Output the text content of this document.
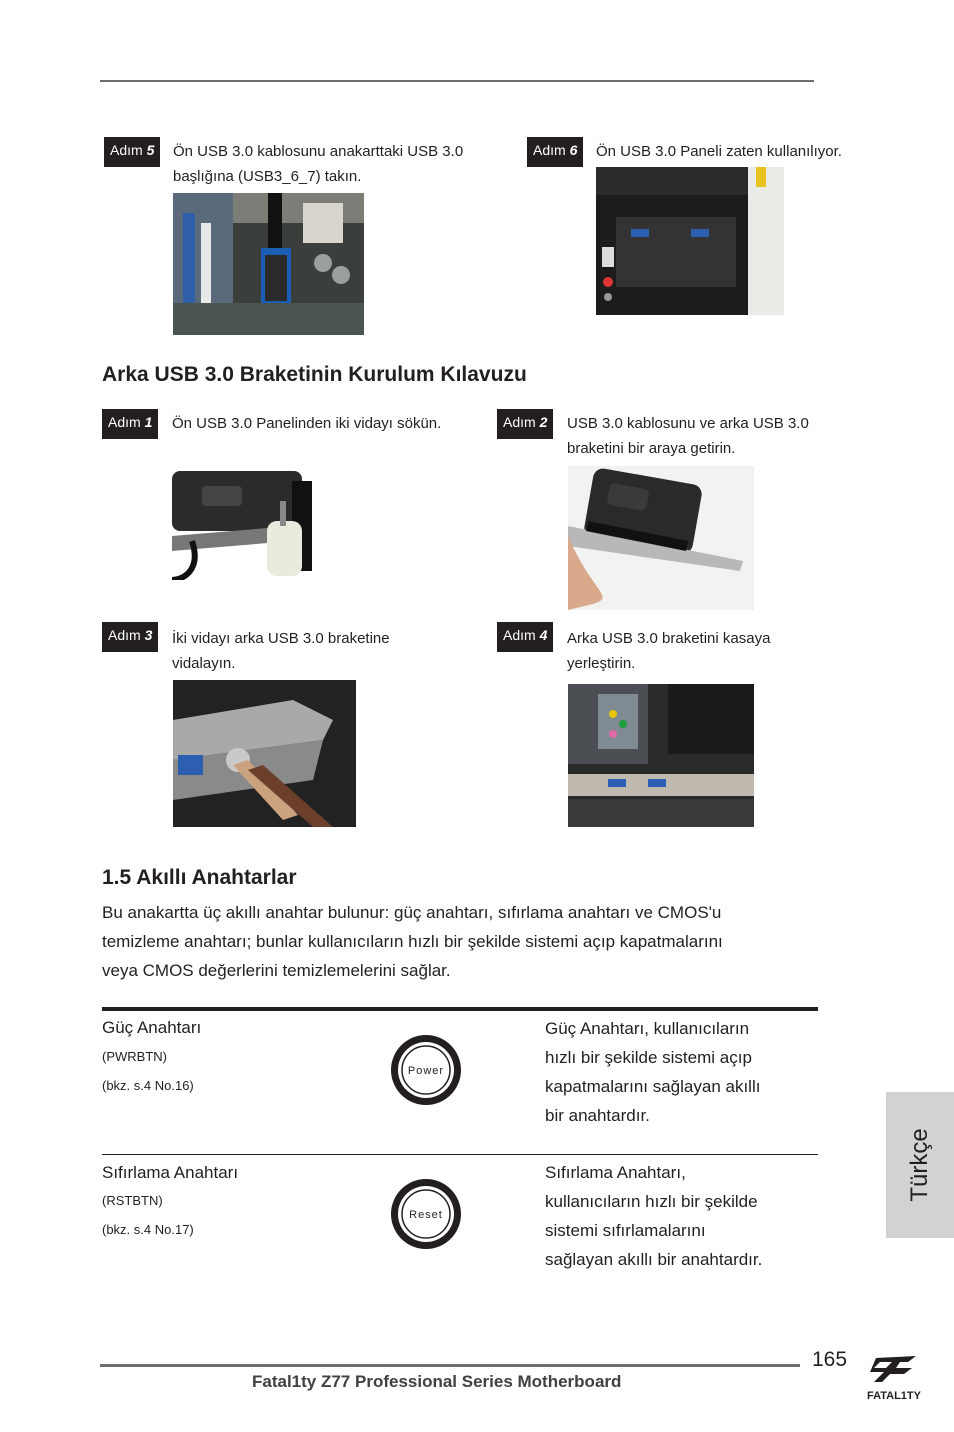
Adım 5	Ön USB 3.0 kablosunu anakarttaki USB 3.0 başlığına (USB3_6_7) takın.
Adım 6	Ön USB 3.0 Paneli zaten kullanılıyor.
Arka USB 3.0 Braketinin Kurulum Kılavuzu
Adım 1	Ön USB 3.0 Panelinden iki vidayı sökün.	Adım 2	USB 3.0 kablosunu ve arka USB 3.0 braketini bir araya getirin.
Adım 3	İki vidayı arka USB 3.0 braketine vidalayın.
Adım 4	Arka USB 3.0 braketini kasaya yerleştirin.
1.5 Akıllı Anahtarlar
Bu anakartta üç akıllı anahtar bulunur: güç anahtarı, sıfırlama anahtarı ve CMOS'u
temizleme anahtarı; bunlar kullanıcıların hızlı bir şekilde sistemi açıp kapatmalarını
veya CMOS değerlerini temizlemelerini sağlar.
Güç Anahtarı
(PWRBTN)
(bkz. s.4 No.16)
Power
Güç Anahtarı, kullanıcıların
hızlı bir şekilde sistemi açıp
kapatmalarını sağlayan akıllı
bir anahtardır.
Sıfırlama Anahtarı
(RSTBTN)
(bkz. s.4 No.17)
Reset
Sıfırlama Anahtarı,
kullanıcıların hızlı bir şekilde
sistemi sıfırlamalarını
sağlayan akıllı bir anahtardır.
Türkçe
165
Fatal1ty Z77 Professional Series Motherboard
FATAL1TY
